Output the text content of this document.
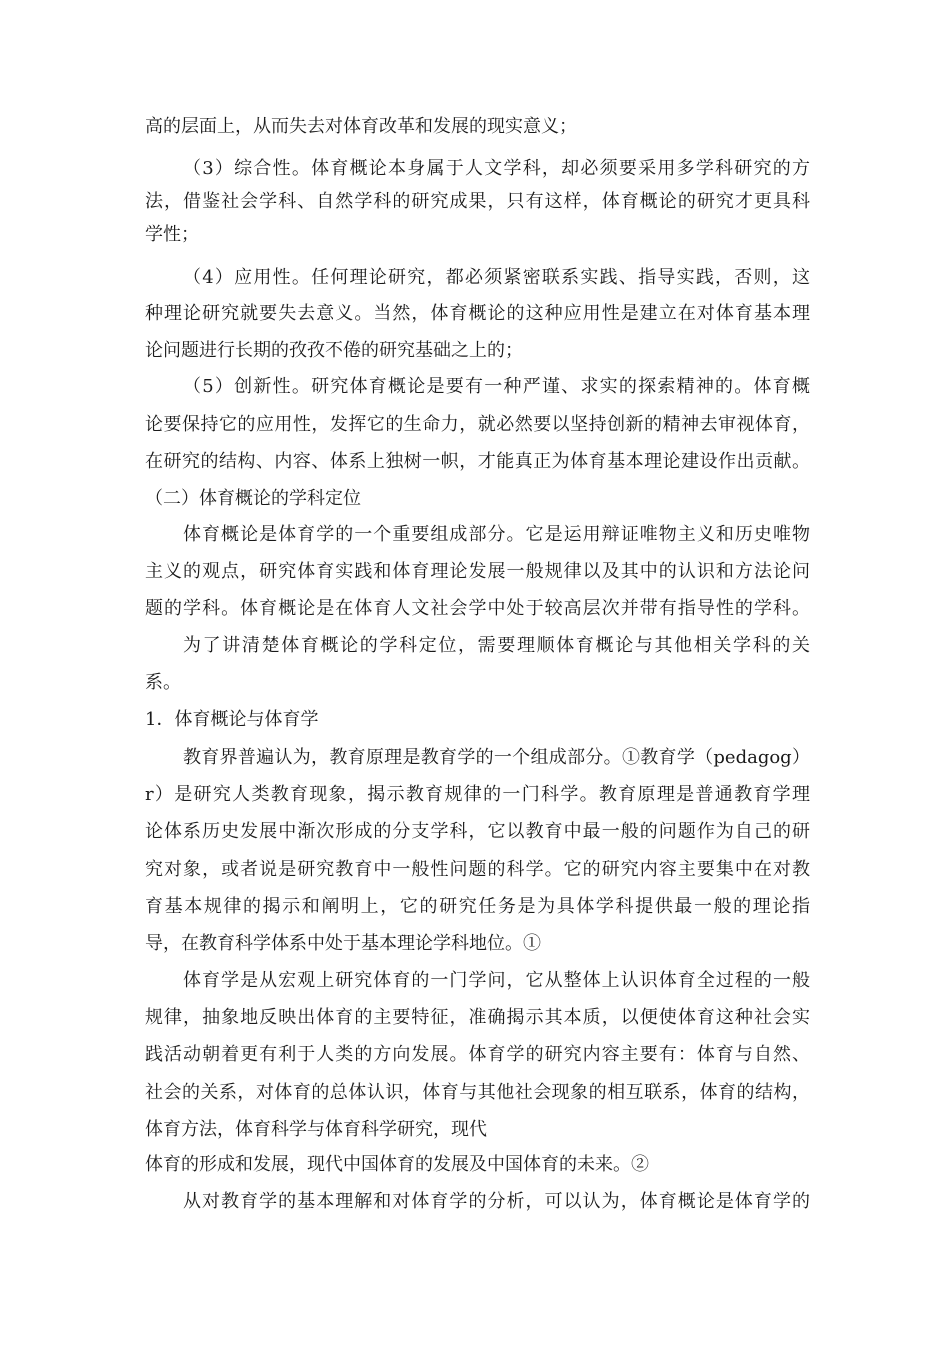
高的层面上，从而失去对体育改革和发展的现实意义；
（3）综合性。体育概论本身属于人文学科，却必须要采用多学科研究的方
法，借鉴社会学科、自然学科的研究成果，只有这样，体育概论的研究才更具科
学性；
（4）应用性。任何理论研究，都必须紧密联系实践、指导实践，否则，这
种理论研究就要失去意义。当然，体育概论的这种应用性是建立在对体育基本理
论问题进行长期的孜孜不倦的研究基础之上的；
（5）创新性。研究体育概论是要有一种严谨、求实的探索精神的。体育概
论要保持它的应用性，发挥它的生命力，就必然要以坚持创新的精神去审视体育，
在研究的结构、内容、体系上独树一帜，才能真正为体育基本理论建设作出贡献。
（二）体育概论的学科定位
体育概论是体育学的一个重要组成部分。它是运用辩证唯物主义和历史唯物
主义的观点，研究体育实践和体育理论发展一般规律以及其中的认识和方法论问
题的学科。体育概论是在体育人文社会学中处于较高层次并带有指导性的学科。
为了讲清楚体育概论的学科定位，需要理顺体育概论与其他相关学科的关
系。
1．体育概论与体育学
教育界普遍认为，教育原理是教育学的一个组成部分。①教育学（pedagog）
r）是研究人类教育现象，揭示教育规律的一门科学。教育原理是普通教育学理
论体系历史发展中渐次形成的分支学科，它以教育中最一般的问题作为自己的研
究对象，或者说是研究教育中一般性问题的科学。它的研究内容主要集中在对教
育基本规律的揭示和阐明上，它的研究任务是为具体学科提供最一般的理论指
导，在教育科学体系中处于基本理论学科地位。①
体育学是从宏观上研究体育的一门学问，它从整体上认识体育全过程的一般
规律，抽象地反映出体育的主要特征，准确揭示其本质，以便使体育这种社会实
践活动朝着更有利于人类的方向发展。体育学的研究内容主要有：体育与自然、
社会的关系，对体育的总体认识，体育与其他社会现象的相互联系，体育的结构，
体育方法，体育科学与体育科学研究，现代
体育的形成和发展，现代中国体育的发展及中国体育的未来。②
从对教育学的基本理解和对体育学的分析，可以认为，体育概论是体育学的
